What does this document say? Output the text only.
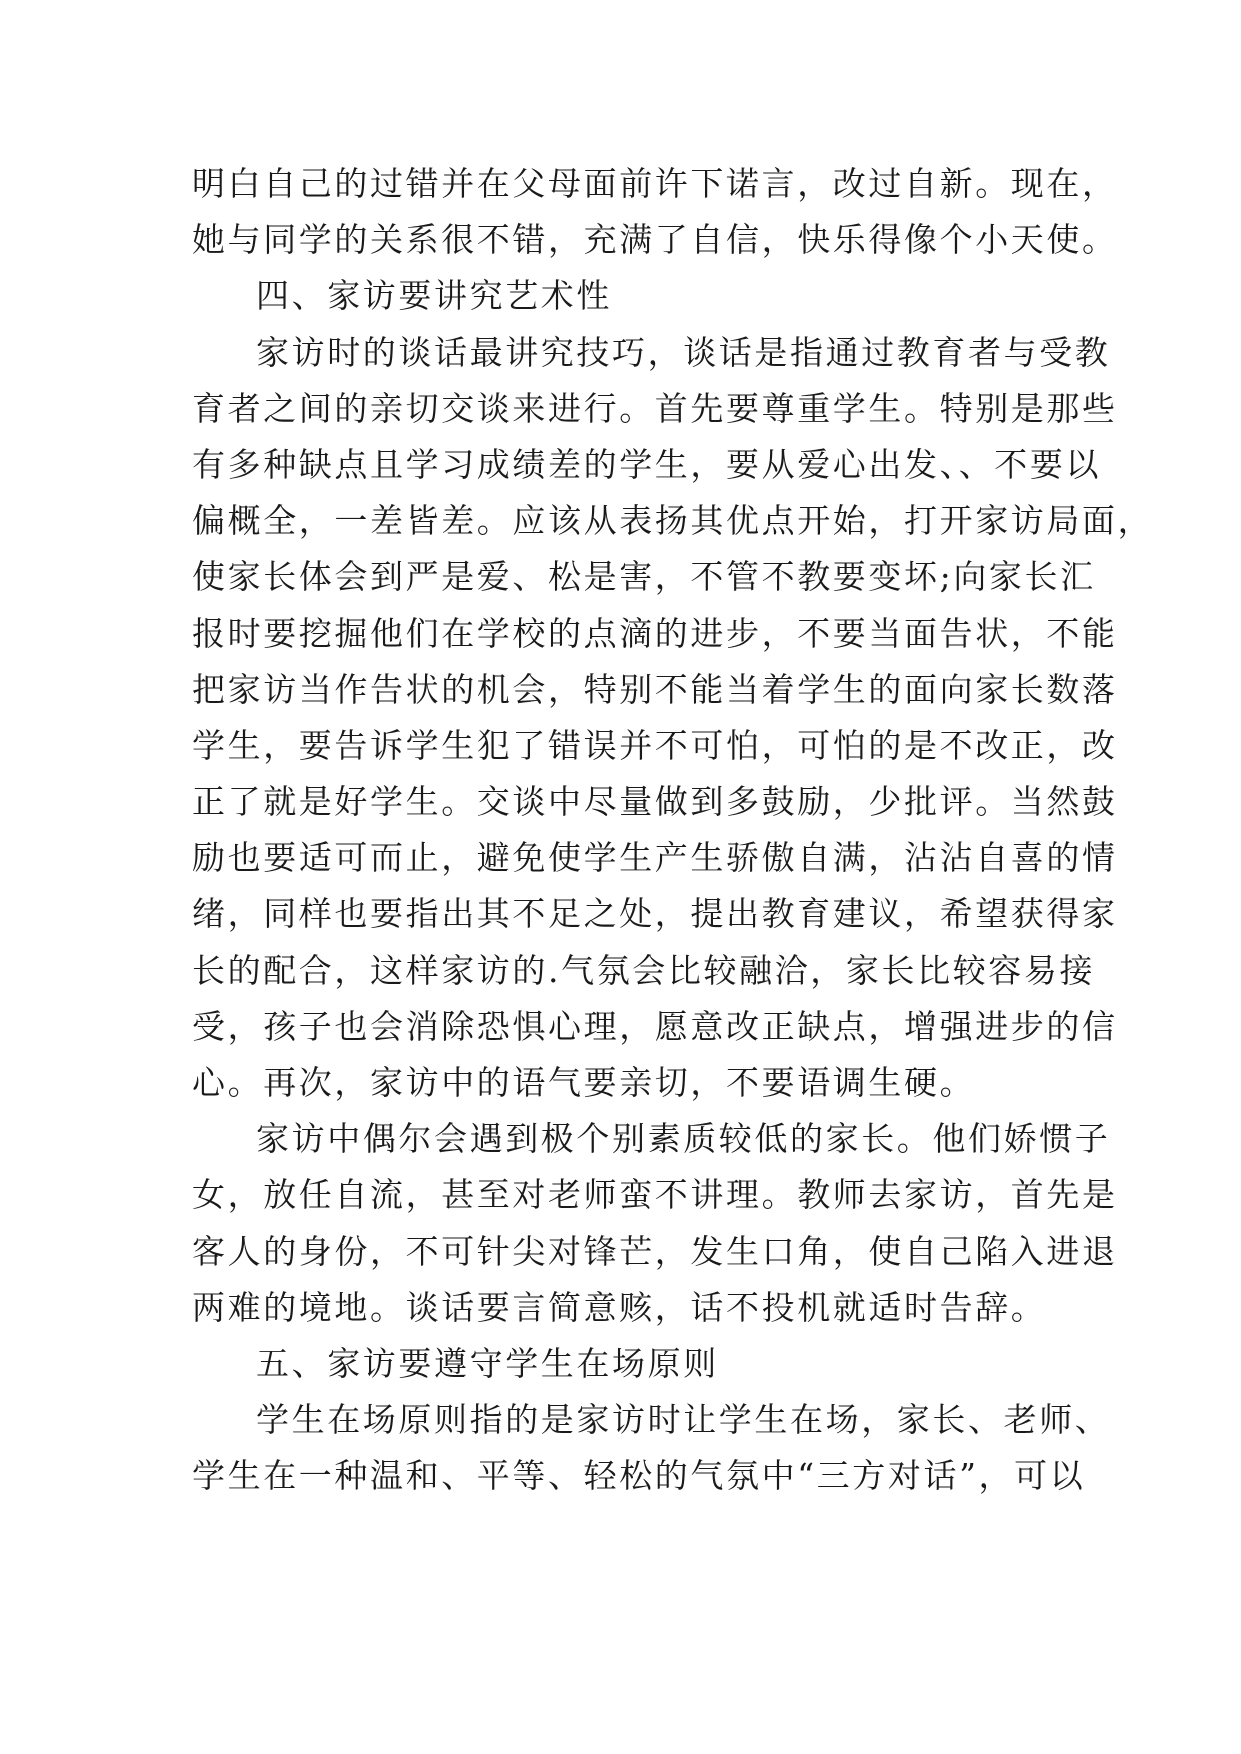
明白自己的过错并在父母面前许下诺言，改过自新。现在，
她与同学的关系很不错，充满了自信，快乐得像个小天使。
四、家访要讲究艺术性
家访时的谈话最讲究技巧，谈话是指通过教育者与受教
育者之间的亲切交谈来进行。首先要尊重学生。特别是那些
有多种缺点且学习成绩差的学生，要从爱心出发、、不要以
偏概全，一差皆差。应该从表扬其优点开始，打开家访局面，
使家长体会到严是爱、松是害，不管不教要变坏;向家长汇
报时要挖掘他们在学校的点滴的进步，不要当面告状，不能
把家访当作告状的机会，特别不能当着学生的面向家长数落
学生，要告诉学生犯了错误并不可怕，可怕的是不改正，改
正了就是好学生。交谈中尽量做到多鼓励，少批评。当然鼓
励也要适可而止，避免使学生产生骄傲自满，沾沾自喜的情
绪，同样也要指出其不足之处，提出教育建议，希望获得家
长的配合，这样家访的.气氛会比较融洽，家长比较容易接
受，孩子也会消除恐惧心理，愿意改正缺点，增强进步的信
心。再次，家访中的语气要亲切，不要语调生硬。
家访中偶尔会遇到极个别素质较低的家长。他们娇惯子
女，放任自流，甚至对老师蛮不讲理。教师去家访，首先是
客人的身份，不可针尖对锋芒，发生口角，使自己陷入进退
两难的境地。谈话要言简意赅，话不投机就适时告辞。
五、家访要遵守学生在场原则
学生在场原则指的是家访时让学生在场，家长、老师、
学生在一种温和、平等、轻松的气氛中“三方对话”，可以
